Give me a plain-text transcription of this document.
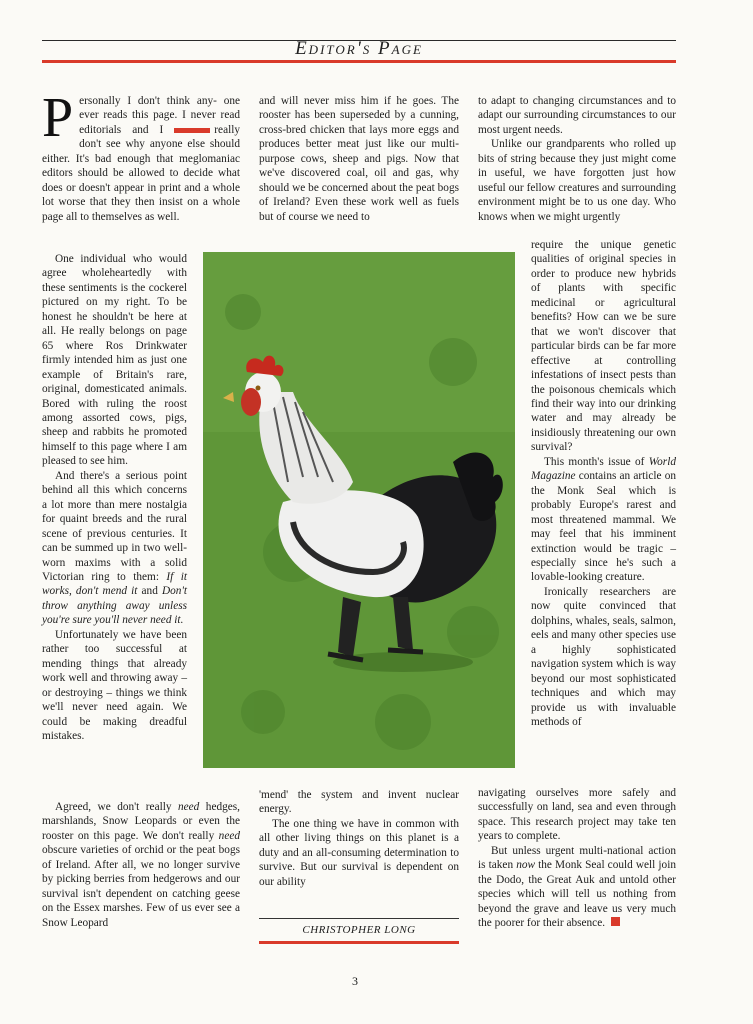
Editor's Page

Personally I don't think any- one ever reads this page. I never read editorials and I	really don't see why anyone else should either. It's bad enough that meglomaniac editors should be allowed to decide what does or doesn't appear in print and a whole lot worse that they then insist on a whole page all to themselves as well.

One individual who would agree wholeheartedly with these sentiments is the cockerel pictured on my right. To be honest he shouldn't be here at all. He really belongs on page 65 where Ros Drinkwater firmly intended him as just one example of Britain's rare, original, domesticated animals. Bored with ruling the roost among assorted cows, pigs, sheep and rabbits he promoted himself to this page where I am pleased to see him.

And there's a serious point behind all this which concerns a lot more than mere nostalgia for quaint breeds and the rural scene of previous centuries. It can be summed up in two well-worn maxims with a solid Victorian ring to them: If it works, don't mend it and Don't throw anything away unless you're sure you'll never need it.

Unfortunately we have been rather too successful at mending things that already work well and throwing away – or destroying – things we think we'll never need again. We could be making dreadful mistakes.

Agreed, we don't really need hedges, marshlands, Snow Leopards or even the rooster on this page. We don't really need obscure varieties of orchid or the peat bogs of Ireland. After all, we no longer survive by picking berries from hedgerows and our survival isn't dependent on catching geese on the Essex marshes. Few of us ever see a Snow Leopard

and will never miss him if he goes. The rooster has been superseded by a cunning, cross-bred chicken that lays more eggs and produces better meat just like our multi-purpose cows, sheep and pigs. Now that we've discovered coal, oil and gas, why should we be concerned about the peat bogs of Ireland? Even these work well as fuels but of course we need to

'mend' the system and invent nuclear energy.

The one thing we have in common with all other living things on this planet is a duty and an all-consuming determination to survive. But our survival is dependent on our ability

CHRISTOPHER LONG

to adapt to changing circumstances and to adapt our surrounding circumstances to our most urgent needs.

Unlike our grandparents who rolled up bits of string because they just might come in useful, we have forgotten just how useful our fellow creatures and surrounding environment might be to us one day. Who knows when we might urgently

require the unique genetic qualities of original species in order to produce new hybrids of plants with specific medicinal or agricultural benefits? How can we be sure that we won't discover that particular birds can be far more effective at controlling infestations of insect pests than the poisonous chemicals which find their way into our drinking water and may already be insidiously threatening our own survival?

This month's issue of World Magazine contains an article on the Monk Seal which is probably Europe's rarest and most threatened mammal. We may feel that his imminent extinction would be tragic – especially since he's such a lovable-looking creature.

Ironically researchers are now quite convinced that dolphins, whales, seals, salmon, eels and many other species use a highly sophisticated navigation system which is way beyond our most sophisticated techniques and which may provide us with invaluable methods of

navigating ourselves more safely and successfully on land, sea and even through space. This research project may take ten years to complete.

But unless urgent multi-national action is taken now the Monk Seal could well join the Dodo, the Great Auk and untold other species which will tell us nothing from beyond the grave and leave us very much the poorer for their absence.

3
